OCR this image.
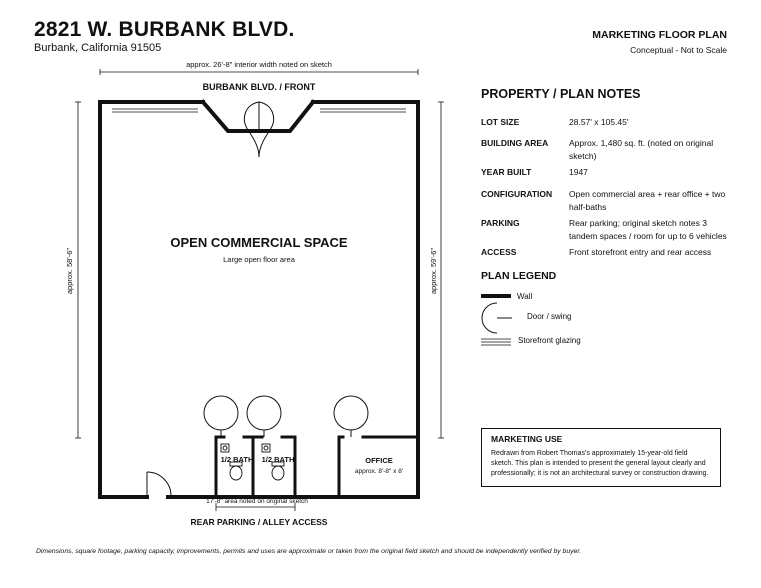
2821 W. BURBANK BLVD.
Burbank, California 91505
MARKETING FLOOR PLAN
Conceptual - Not to Scale
approx. 26'-8" interior width noted on sketch
BURBANK BLVD. / FRONT
approx. 58'-6"	approx. 59'-6"
OPEN COMMERCIAL SPACE
Large open floor area
1/2 BATH 1/2 BATH	OFFICE
approx. 8'-8" x 8'
17'-8" area noted on original sketch
REAR PARKING / ALLEY ACCESS
PROPERTY / PLAN NOTES
LOT SIZE	28.57' x 105.45'
BUILDING AREA	Approx. 1,480 sq. ft. (noted on original sketch)
YEAR BUILT	1947
CONFIGURATION	Open commercial area + rear office + two half-baths
PARKING	Rear parking; original sketch notes 3 tandem spaces / room for up to 6 vehicles
ACCESS	Front storefront entry and rear access
PLAN LEGEND
Wall
Door / swing
Storefront glazing
MARKETING USE
Redrawn from Robert Thomas's approximately 15-year-old field sketch. This plan is intended to present the general layout clearly and professionally; it is not an architectural survey or construction drawing.
Dimensions, square footage, parking capacity, improvements, permits and uses are approximate or taken from the original field sketch and should be independently verified by buyer.
